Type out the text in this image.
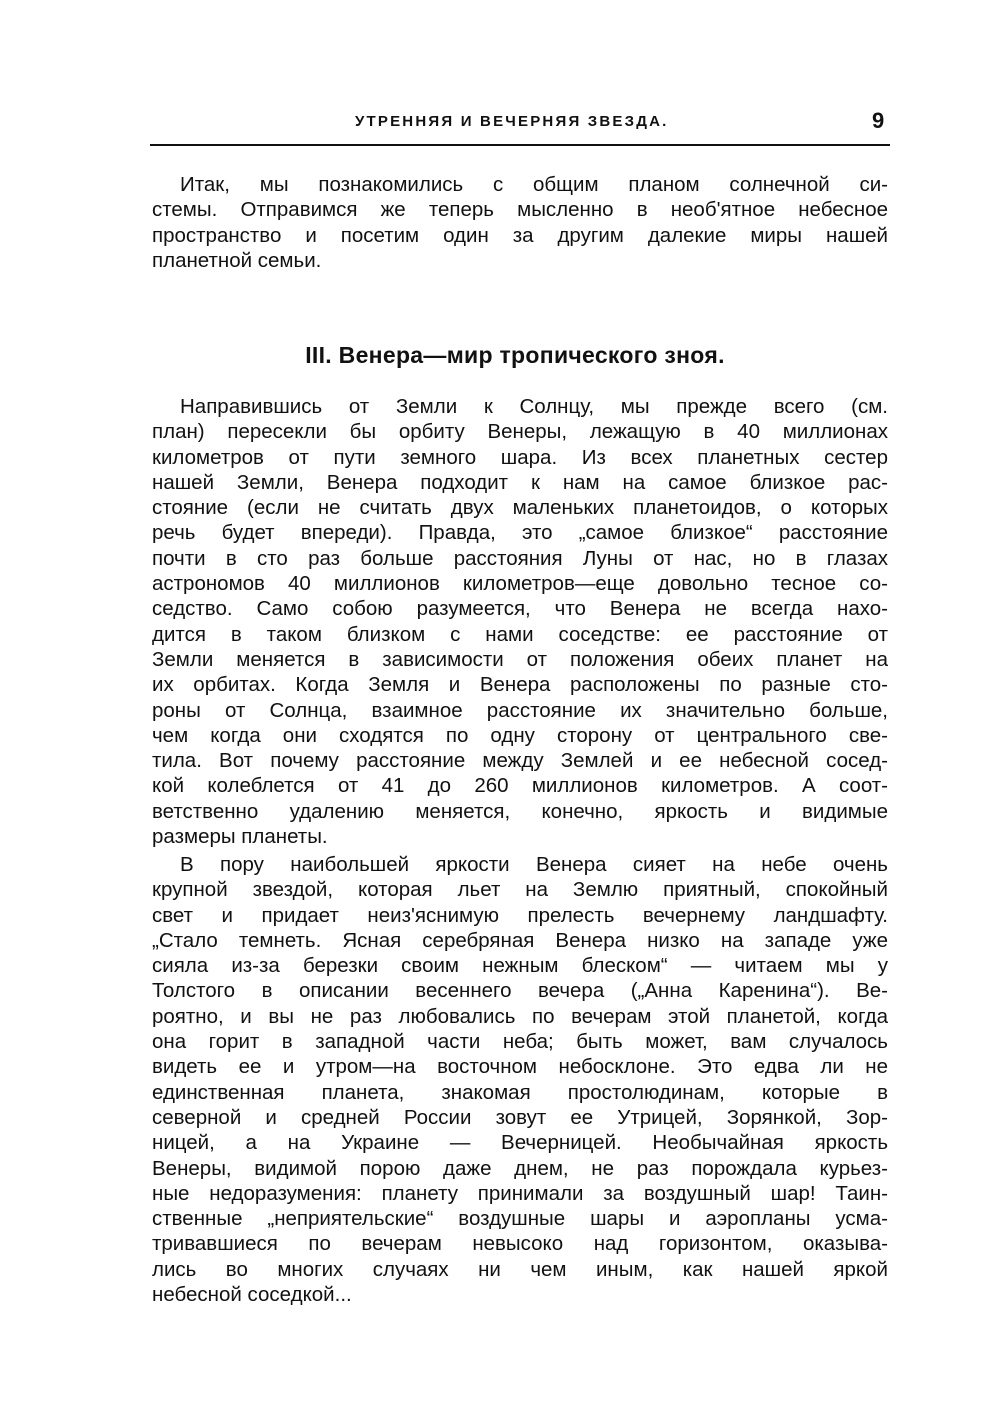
УТРЕННЯЯ И ВЕЧЕРНЯЯ ЗВЕЗДА.	9
Итак, мы познакомились с общим планом солнечной си-
стемы. Отправимся же теперь мысленно в необ'ятное небесное
пространство и посетим один за другим далекие миры нашей
планетной семьи.
III. Венера—мир тропического зноя.
Направившись от Земли к Солнцу, мы прежде всего (см.
план) пересекли бы орбиту Венеры, лежащую в 40 миллионах
километров от пути земного шара. Из всех планетных сестер
нашей Земли, Венера подходит к нам на самое близкое рас-
стояние (если не считать двух маленьких планетоидов, о которых
речь будет впереди). Правда, это „самое близкое“ расстояние
почти в сто раз больше расстояния Луны от нас, но в глазах
астрономов 40 миллионов километров—еще довольно тесное со-
седство. Само собою разумеется, что Венера не всегда нахо-
дится в таком близком с нами соседстве: ее расстояние от
Земли меняется в зависимости от положения обеих планет на
их орбитах. Когда Земля и Венера расположены по разные сто-
роны от Солнца, взаимное расстояние их значительно больше,
чем когда они сходятся по одну сторону от центрального све-
тила. Вот почему расстояние между Землей и ее небесной сосед-
кой колеблется от 41 до 260 миллионов километров. А соот-
ветственно удалению меняется, конечно, яркость и видимые
размеры планеты.
В пору наибольшей яркости Венера сияет на небе очень
крупной звездой, которая льет на Землю приятный, спокойный
свет и придает неиз'яснимую прелесть вечернему ландшафту.
„Стало темнеть. Ясная серебряная Венера низко на западе уже
сияла из-за березки своим нежным блеском“ — читаем мы у
Толстого в описании весеннего вечера („Анна Каренина“). Ве-
роятно, и вы не раз любовались по вечерам этой планетой, когда
она горит в западной части неба; быть может, вам случалось
видеть ее и утром—на восточном небосклоне. Это едва ли не
единственная планета, знакомая простолюдинам, которые в
северной и средней России зовут ее Утрицей, Зорянкой, Зор-
ницей, а на Украине — Вечерницей. Необычайная яркость
Венеры, видимой порою даже днем, не раз порождала курьез-
ные недоразумения: планету принимали за воздушный шар! Таин-
ственные „неприятельские“ воздушные шары и аэропланы усма-
тривавшиеся по вечерам невысоко над горизонтом, оказыва-
лись во многих случаях ни чем иным, как нашей яркой
небесной соседкой...
